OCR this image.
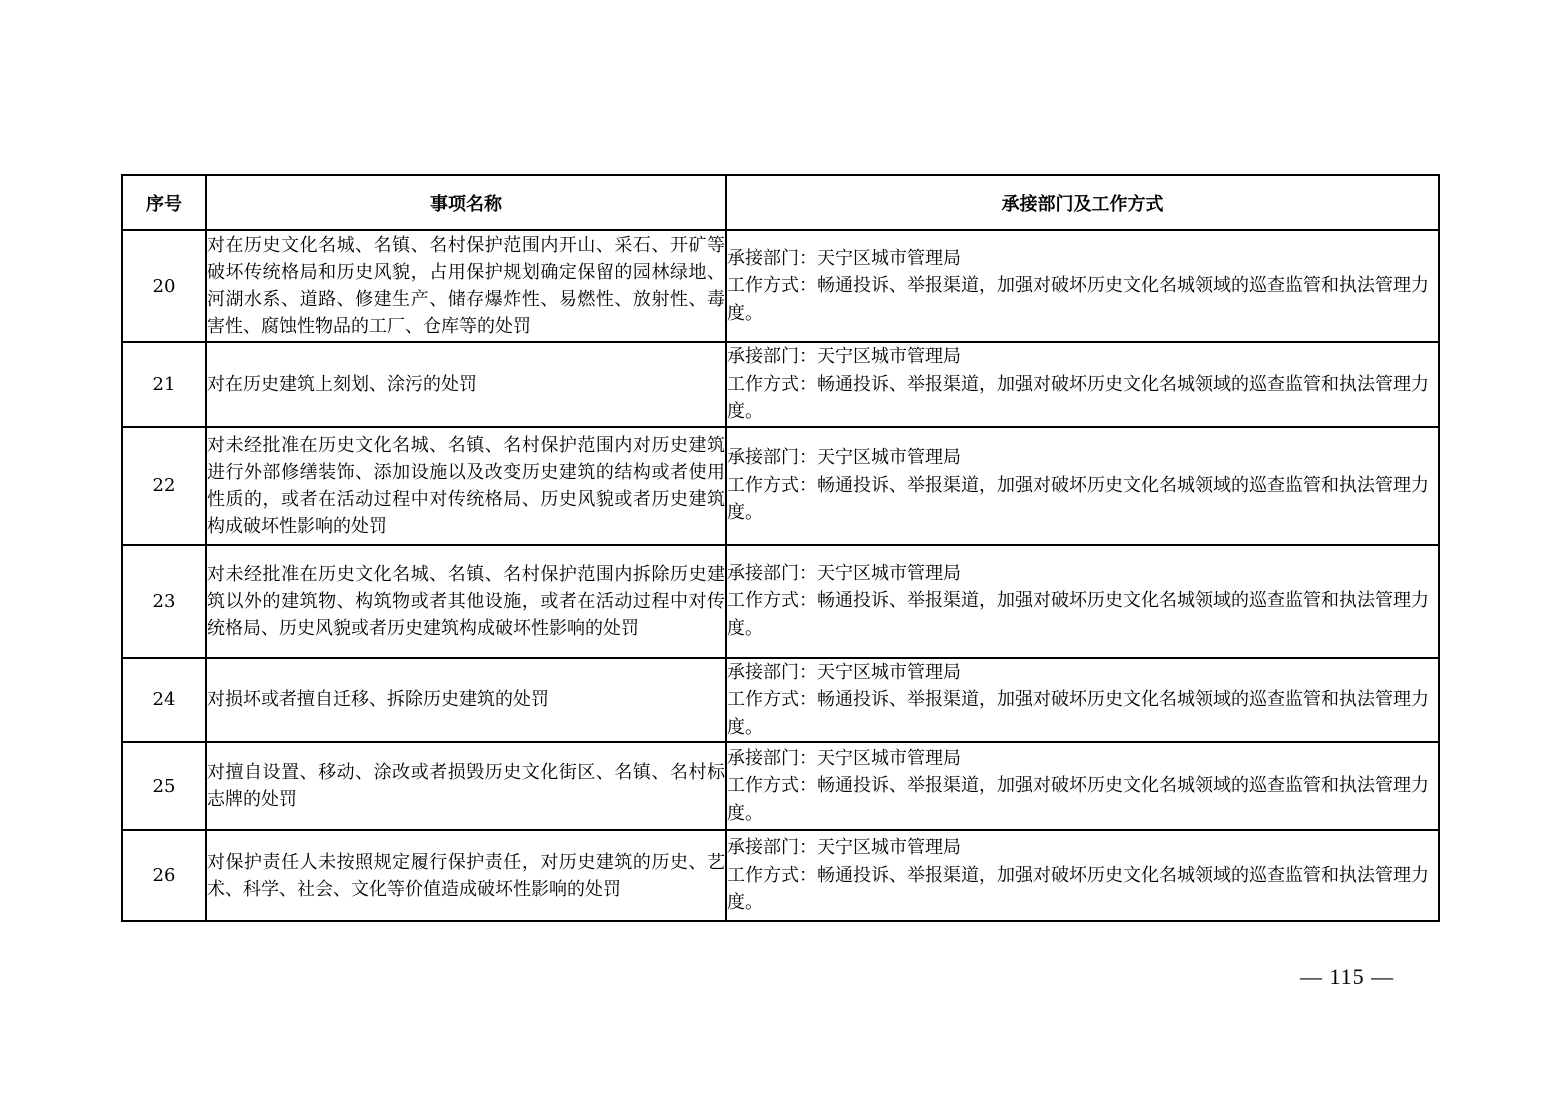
序号	事项名称	承接部门及工作方式
20	对在历史文化名城、名镇、名村保护范围内开山、采石、开矿等破坏传统格局和历史风貌，占用保护规划确定保留的园林绿地、河湖水系、道路、修建生产、储存爆炸性、易燃性、放射性、毒害性、腐蚀性物品的工厂、仓库等的处罚	承接部门：天宁区城市管理局
工作方式：畅通投诉、举报渠道，加强对破坏历史文化名城领域的巡查监管和执法管理力度。

21	对在历史建筑上刻划、涂污的处罚	承接部门：天宁区城市管理局
工作方式：畅通投诉、举报渠道，加强对破坏历史文化名城领域的巡查监管和执法管理力度。

22	对未经批准在历史文化名城、名镇、名村保护范围内对历史建筑进行外部修缮装饰、添加设施以及改变历史建筑的结构或者使用性质的，或者在活动过程中对传统格局、历史风貌或者历史建筑构成破坏性影响的处罚	承接部门：天宁区城市管理局
工作方式：畅通投诉、举报渠道，加强对破坏历史文化名城领域的巡查监管和执法管理力度。

23	对未经批准在历史文化名城、名镇、名村保护范围内拆除历史建筑以外的建筑物、构筑物或者其他设施，或者在活动过程中对传统格局、历史风貌或者历史建筑构成破坏性影响的处罚	承接部门：天宁区城市管理局
工作方式：畅通投诉、举报渠道，加强对破坏历史文化名城领域的巡查监管和执法管理力度。

24	对损坏或者擅自迁移、拆除历史建筑的处罚	承接部门：天宁区城市管理局
工作方式：畅通投诉、举报渠道，加强对破坏历史文化名城领域的巡查监管和执法管理力度。

25	对擅自设置、移动、涂改或者损毁历史文化街区、名镇、名村标志牌的处罚	承接部门：天宁区城市管理局
工作方式：畅通投诉、举报渠道，加强对破坏历史文化名城领域的巡查监管和执法管理力度。

26	对保护责任人未按照规定履行保护责任，对历史建筑的历史、艺术、科学、社会、文化等价值造成破坏性影响的处罚	承接部门：天宁区城市管理局
工作方式：畅通投诉、举报渠道，加强对破坏历史文化名城领域的巡查监管和执法管理力度。
— 115 —
